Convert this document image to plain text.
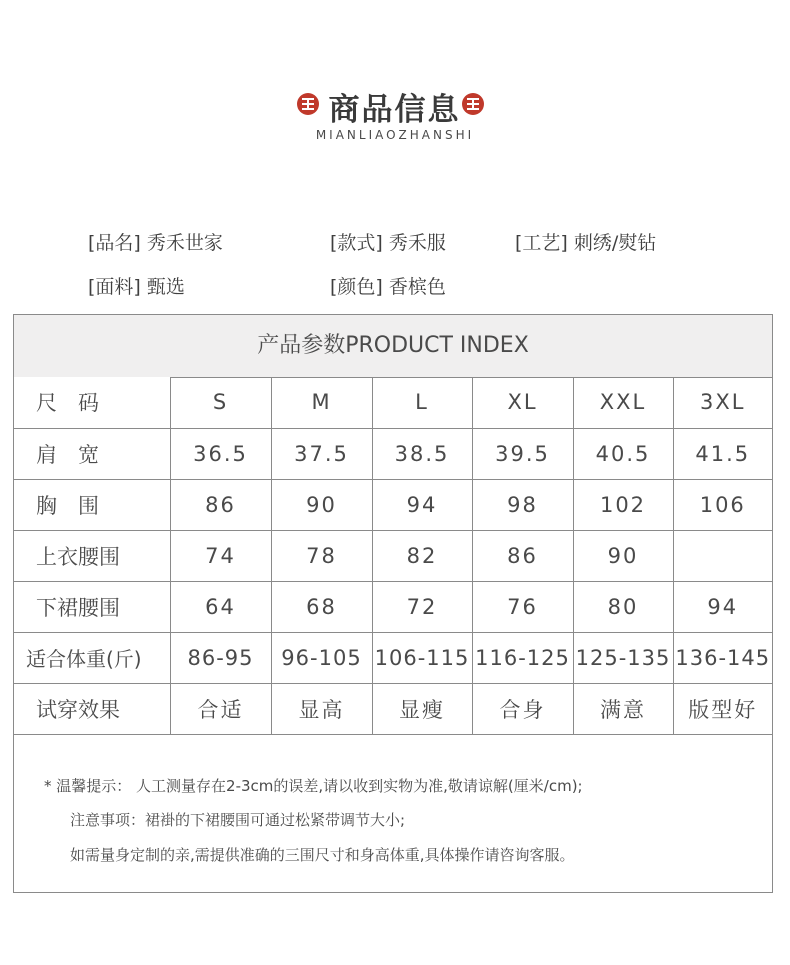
商品信息
MIANLIAOZHANSHI
[品名] 秀禾世家	[款式] 秀禾服	[工艺] 刺绣/熨钻
[面料] 甄选	[颜色] 香槟色
产品参数PRODUCT INDEX
尺　码	S	M	L	XL	XXL	3XL
肩　宽	36.5	37.5	38.5	39.5	40.5	41.5
胸　围	86	90	94	98	102	106
上衣腰围	74	78	82	86	90	
下裙腰围	64	68	72	76	80	94
适合体重(斤)	86-95	96-105	106-115	116-125	125-135	136-145
试穿效果	合适	显高	显瘦	合身	满意	版型好
* 温馨提示： 人工测量存在2-3cm的误差,请以收到实物为准,敬请谅解(厘米/cm);
注意事项：裙褂的下裙腰围可通过松紧带调节大小;
如需量身定制的亲,需提供准确的三围尺寸和身高体重,具体操作请咨询客服。
